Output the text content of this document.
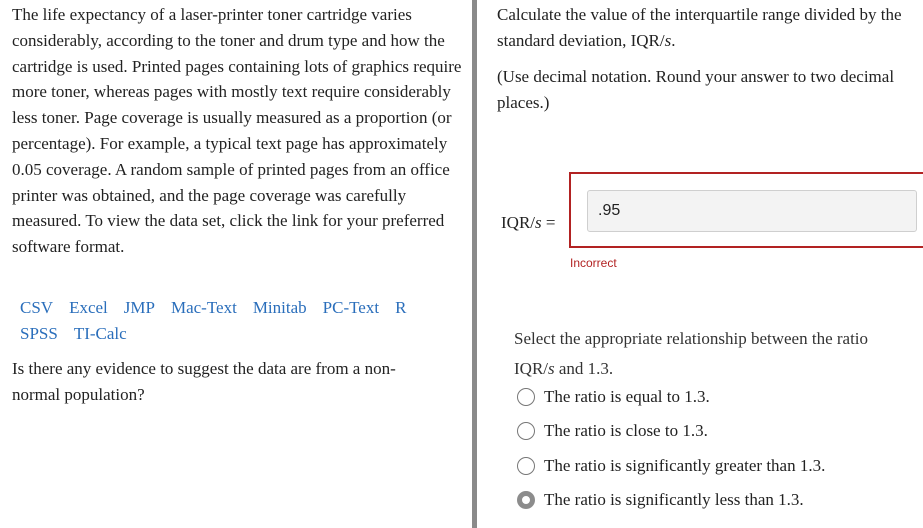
The life expectancy of a laser-printer toner cartridge varies considerably, according to the toner and drum type and how the cartridge is used. Printed pages containing lots of graphics require more toner, whereas pages with mostly text require considerably less toner. Page coverage is usually measured as a proportion (or percentage). For example, a typical text page has approximately 0.05 coverage. A random sample of printed pages from an office printer was obtained, and the page coverage was carefully measured. To view the data set, click the link for your preferred software format.

CSV Excel JMP Mac-Text Minitab PC-Text R
SPSS TI-Calc

Is there any evidence to suggest the data are from a non-normal population?

Calculate the value of the interquartile range divided by the
standard deviation, IQR/s.

(Use decimal notation. Round your answer to two decimal places.)

IQR/s =
.95
Incorrect

Select the appropriate relationship between the ratio
IQR/s and 1.3.

The ratio is equal to 1.3.
The ratio is close to 1.3.
The ratio is significantly greater than 1.3.
The ratio is significantly less than 1.3.
